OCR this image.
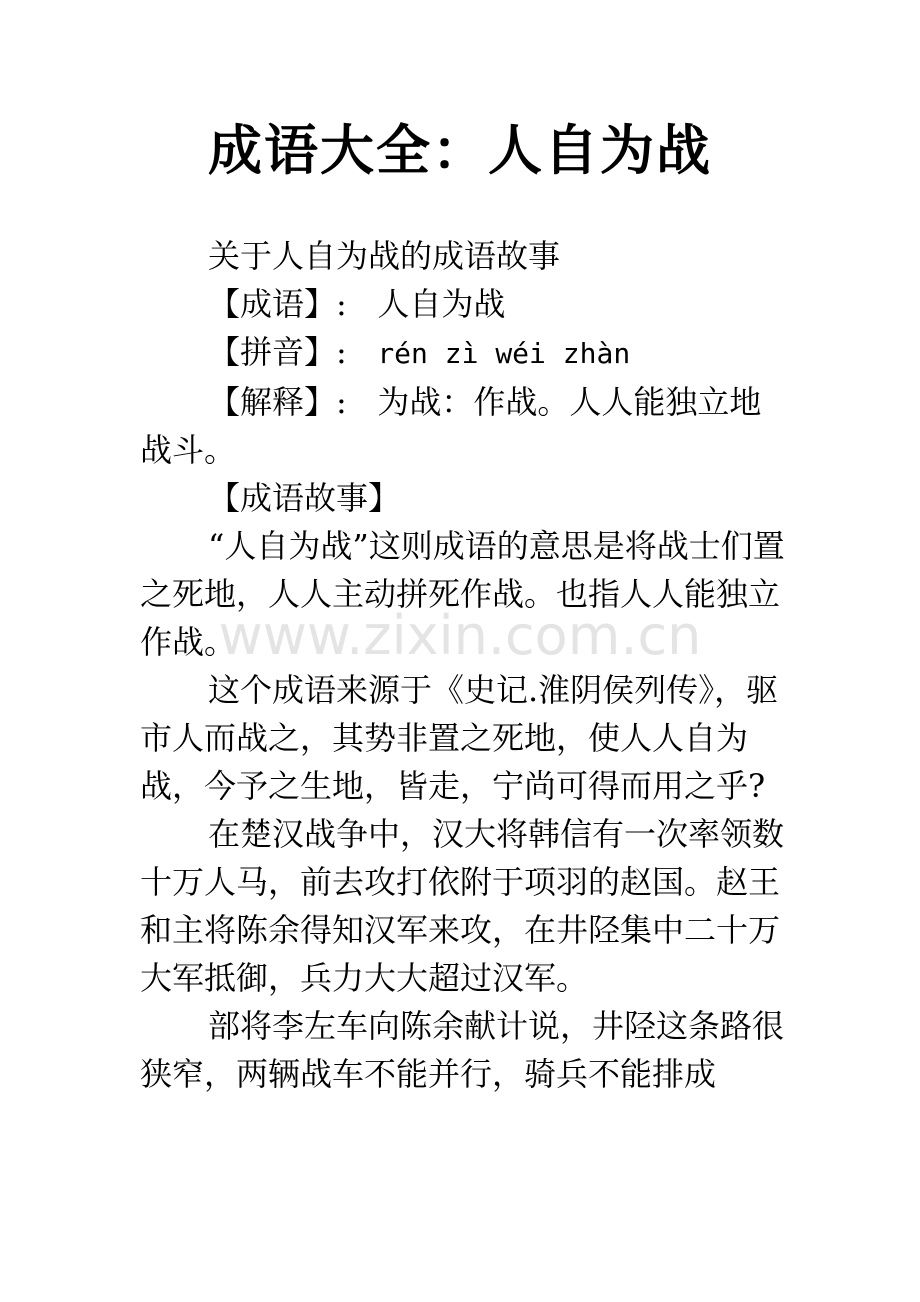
成语大全：人自为战
www.zixin.com.cn

关于人自为战的成语故事

【成语】: 人自为战

【拼音】: rén zì wéi zhàn

【解释】: 为战：作战。人人能独立地战斗。

【成语故事】

“人自为战”这则成语的意思是将战士们置之死地，人人主动拼死作战。也指人人能独立作战。

这个成语来源于《史记.淮阴侯列传》，驱市人而战之，其势非置之死地，使人人自为战，今予之生地，皆走，宁尚可得而用之乎?

在楚汉战争中，汉大将韩信有一次率领数十万人马，前去攻打依附于项羽的赵国。赵王和主将陈余得知汉军来攻，在井陉集中二十万大军抵御，兵力大大超过汉军。

部将李左车向陈余献计说，井陉这条路很狭窄，两辆战车不能并行，骑兵不能排成
